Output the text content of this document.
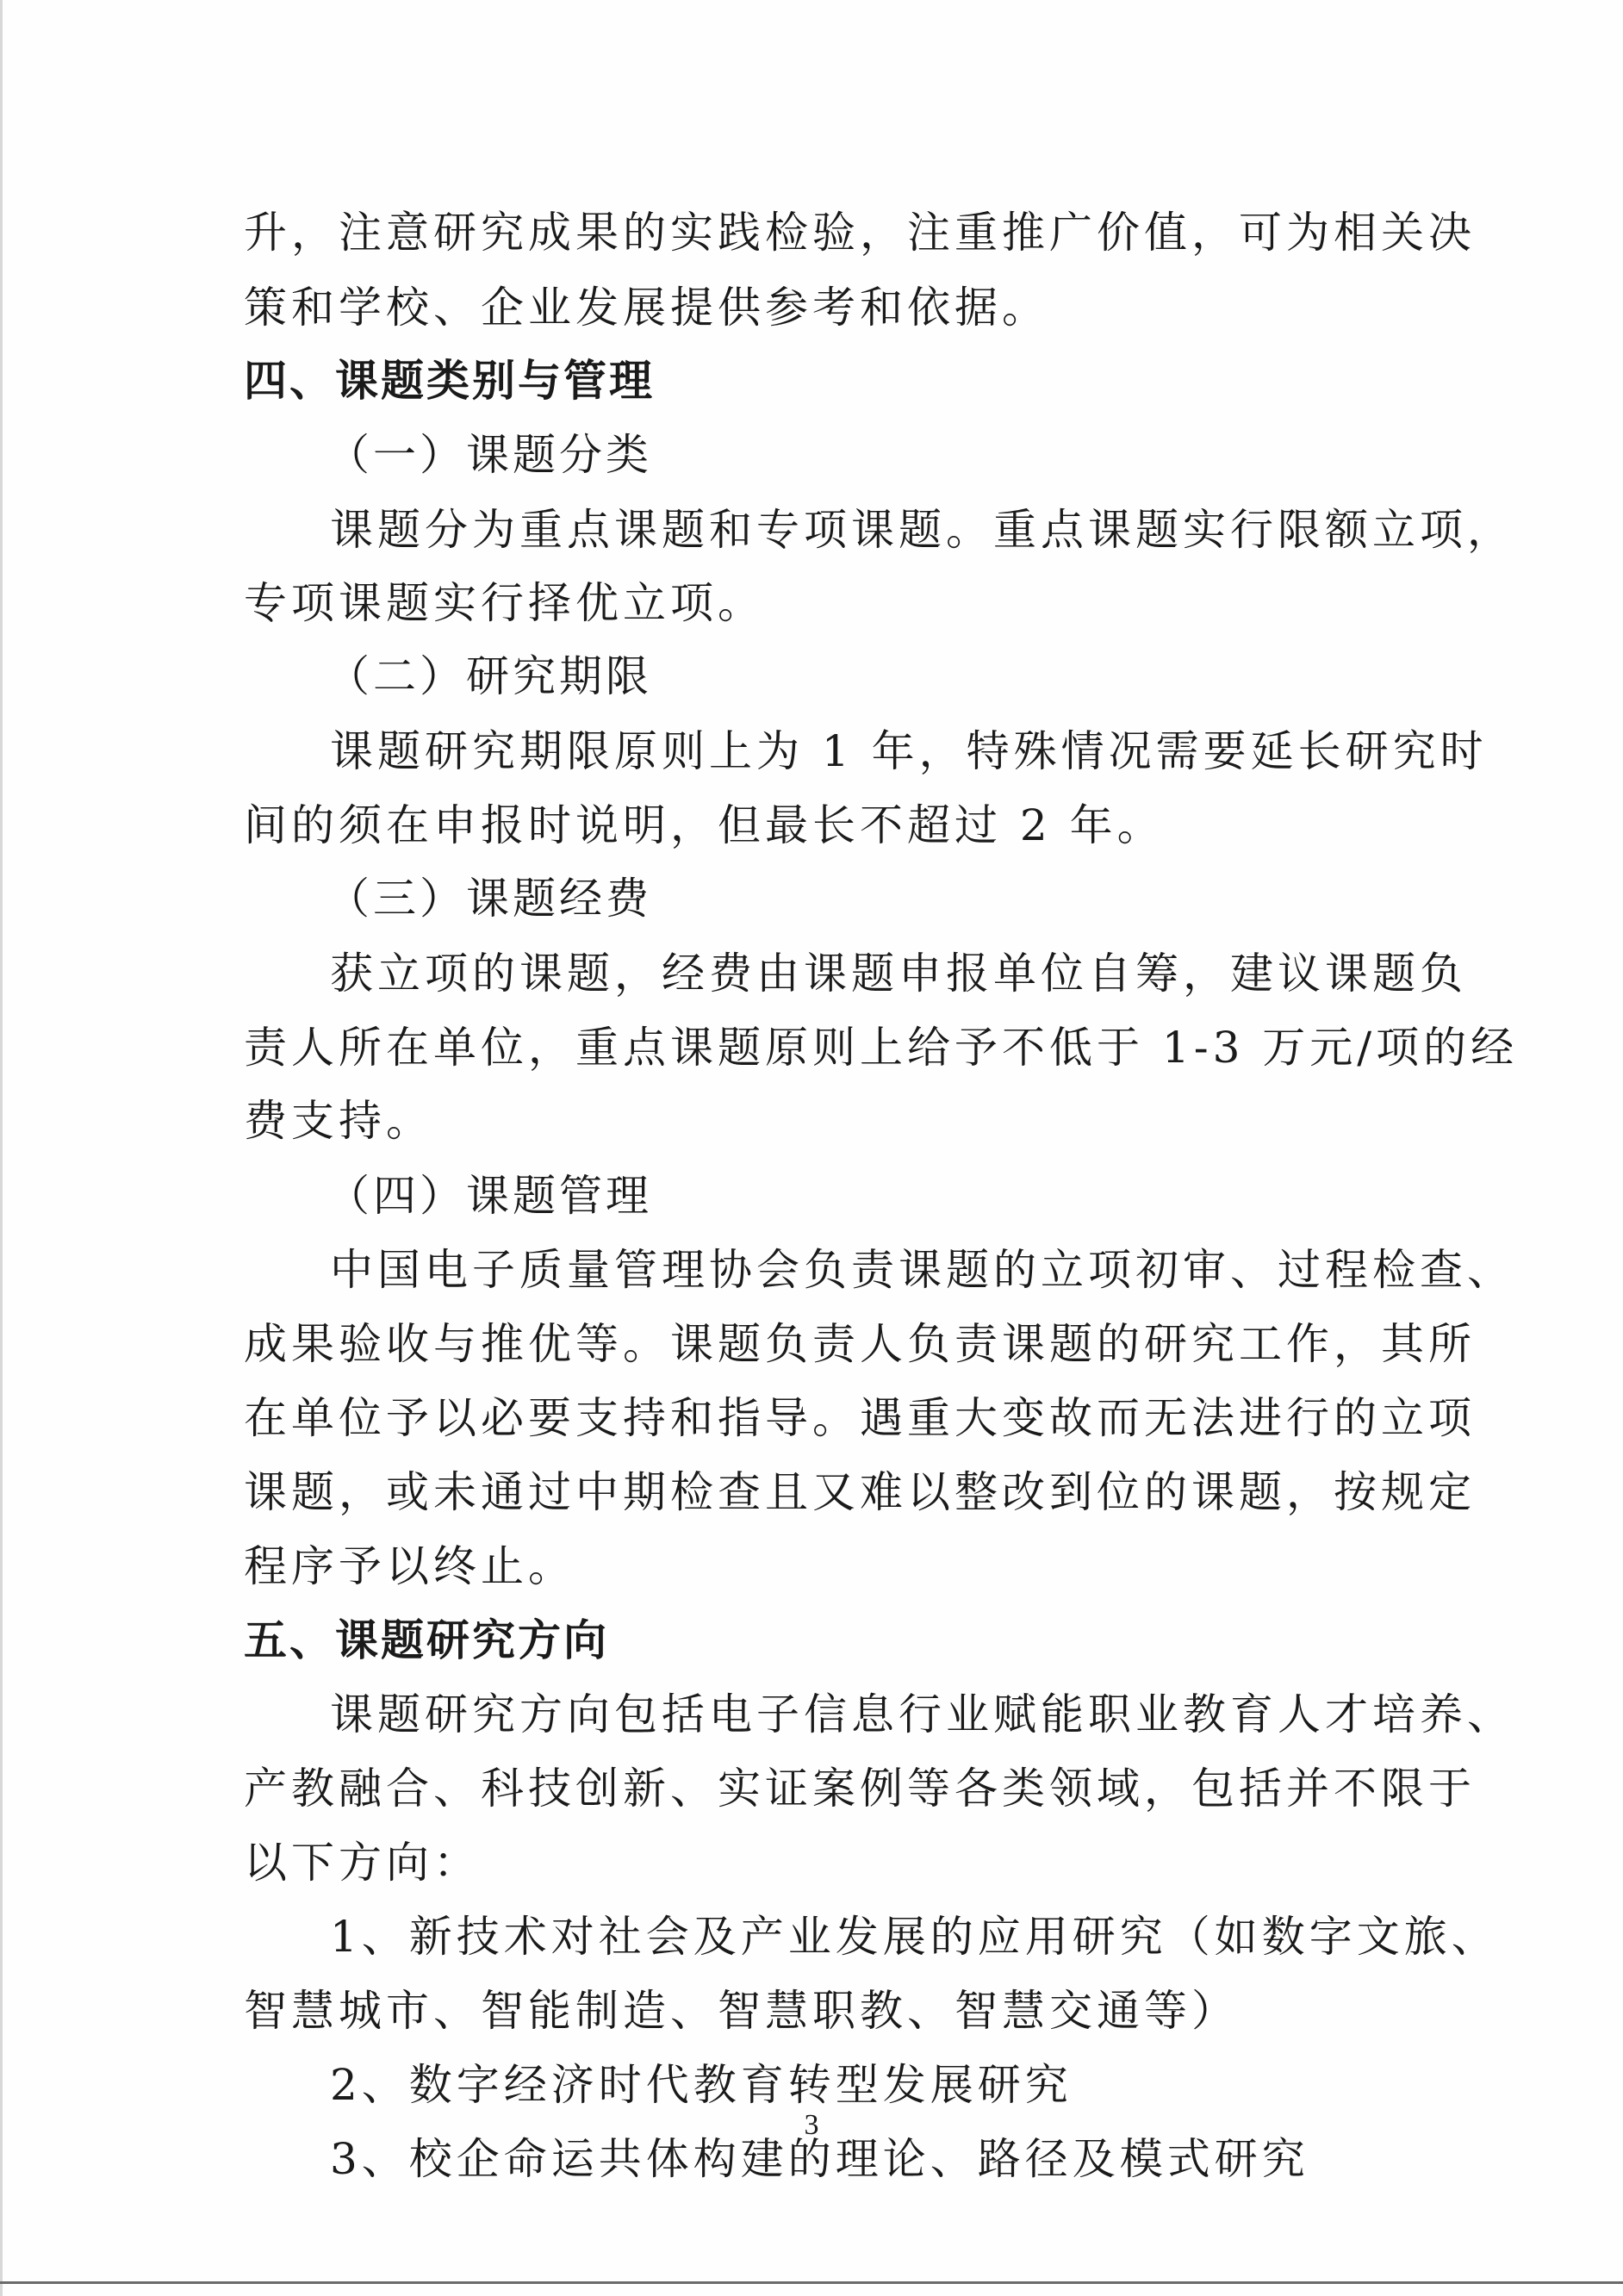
升，注意研究成果的实践检验，注重推广价值，可为相关决
策和学校、企业发展提供参考和依据。
四、课题类别与管理
（一）课题分类
课题分为重点课题和专项课题。重点课题实行限额立项，
专项课题实行择优立项。
（二）研究期限
课题研究期限原则上为 1 年，特殊情况需要延长研究时
间的须在申报时说明，但最长不超过 2 年。
（三）课题经费
获立项的课题，经费由课题申报单位自筹，建议课题负
责人所在单位，重点课题原则上给予不低于 1-3 万元/项的经
费支持。
（四）课题管理
中国电子质量管理协会负责课题的立项初审、过程检查、
成果验收与推优等。课题负责人负责课题的研究工作，其所
在单位予以必要支持和指导。遇重大变故而无法进行的立项
课题，或未通过中期检查且又难以整改到位的课题，按规定
程序予以终止。
五、课题研究方向
课题研究方向包括电子信息行业赋能职业教育人才培养、
产教融合、科技创新、实证案例等各类领域，包括并不限于
以下方向：
1、新技术对社会及产业发展的应用研究（如数字文旅、
智慧城市、智能制造、智慧职教、智慧交通等）
2、数字经济时代教育转型发展研究
3、校企命运共体构建的理论、路径及模式研究
3
